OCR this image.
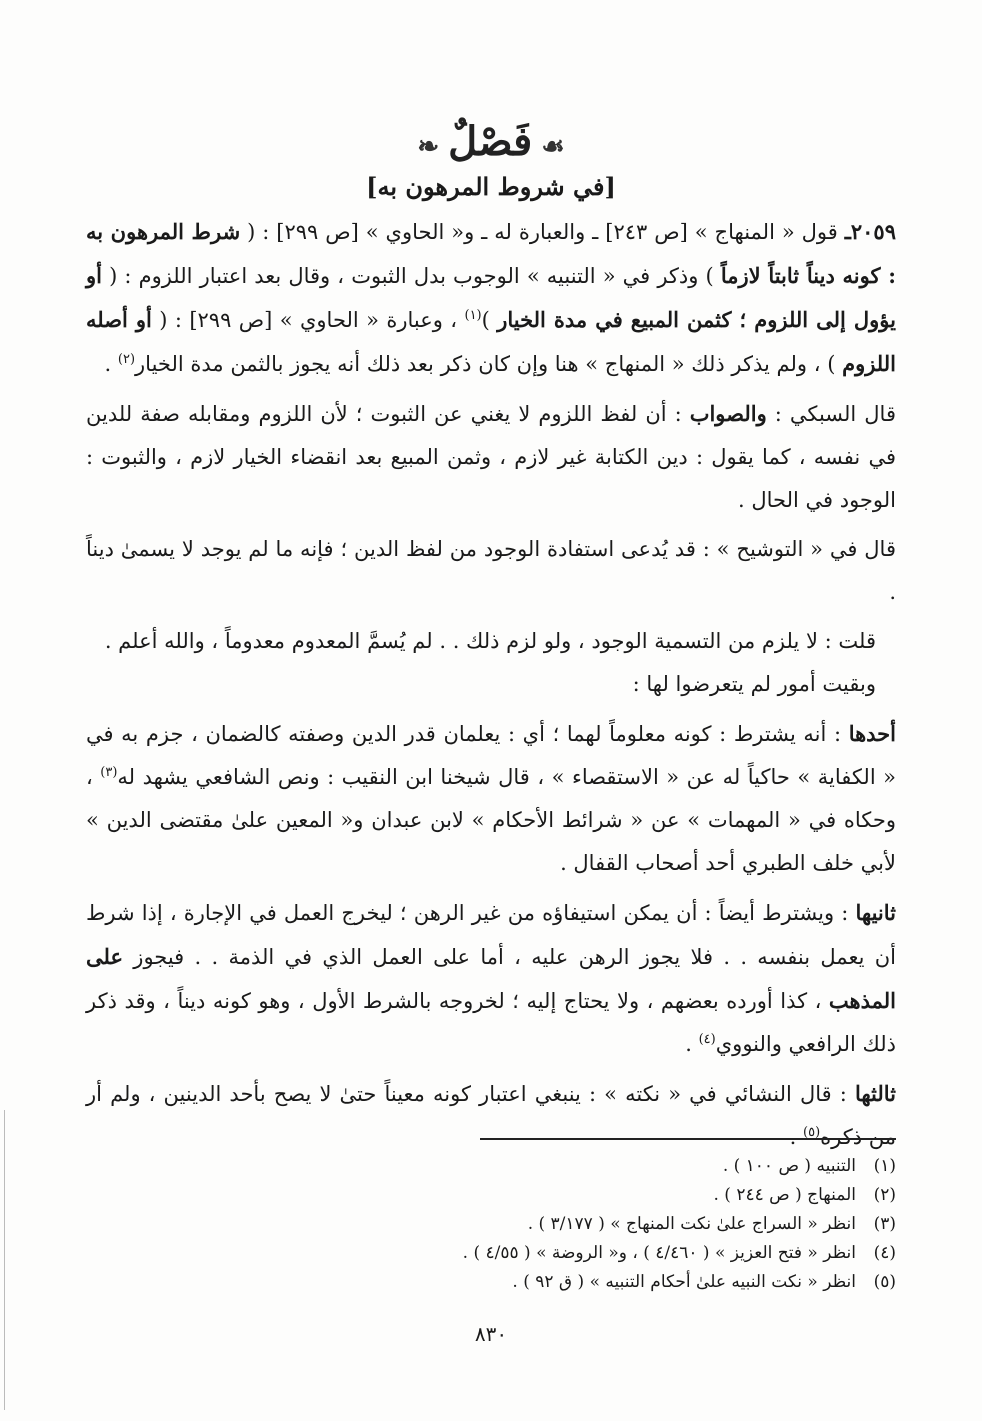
❧ فَصْلٌ ☙
[في شروط المرهون به]

٢٠٥٩ـ قول « المنهاج » [ص ٢٤٣] ـ والعبارة له ـ و« الحاوي » [ص ٢٩٩] : ( شرط المرهون به : كونه ديناً ثابتاً لازماً ) وذكر في « التنبيه » الوجوب بدل الثبوت ، وقال بعد اعتبار اللزوم : ( أو يؤول إلى اللزوم ؛ كثمن المبيع في مدة الخيار )$^{(١)}$ ، وعبارة « الحاوي » [ص ٢٩٩] : ( أو أصله اللزوم ) ، ولم يذكر ذلك « المنهاج » هنا وإن كان ذكر بعد ذلك أنه يجوز بالثمن مدة الخيار$^{(٢)}$ .

قال السبكي : والصواب : أن لفظ اللزوم لا يغني عن الثبوت ؛ لأن اللزوم ومقابله صفة للدين في نفسه ، كما يقول : دين الكتابة غير لازم ، وثمن المبيع بعد انقضاء الخيار لازم ، والثبوت : الوجود في الحال .

قال في « التوشيح » : قد يُدعى استفادة الوجود من لفظ الدين ؛ فإنه ما لم يوجد لا يسمىٰ ديناً .

قلت : لا يلزم من التسمية الوجود ، ولو لزم ذلك . . لم يُسمَّ المعدوم معدوماً ، والله أعلم .

وبقيت أمور لم يتعرضوا لها :

أحدها : أنه يشترط : كونه معلوماً لهما ؛ أي : يعلمان قدر الدين وصفته كالضمان ، جزم به في « الكفاية » حاكياً له عن « الاستقصاء » ، قال شيخنا ابن النقيب : ونص الشافعي يشهد له$^{(٣)}$ ، وحكاه في « المهمات » عن « شرائط الأحكام » لابن عبدان و« المعين علىٰ مقتضى الدين » لأبي خلف الطبري أحد أصحاب القفال .

ثانيها : ويشترط أيضاً : أن يمكن استيفاؤه من غير الرهن ؛ ليخرج العمل في الإجارة ، إذا شرط أن يعمل بنفسه . . فلا يجوز الرهن عليه ، أما على العمل الذي في الذمة . . فيجوز على المذهب ، كذا أورده بعضهم ، ولا يحتاج إليه ؛ لخروجه بالشرط الأول ، وهو كونه ديناً ، وقد ذكر ذلك الرافعي والنووي$^{(٤)}$ .

ثالثها : قال النشائي في « نكته » : ينبغي اعتبار كونه معيناً حتىٰ لا يصح بأحد الدينين ، ولم أر من ذكره$^{(٥)}$ .

(١)
التنبيه ( ص ١٠٠ ) .
(٢)
المنهاج ( ص ٢٤٤ ) .
(٣)
انظر « السراج علىٰ نكت المنهاج » ( ٣/١٧٧ ) .
(٤)
انظر « فتح العزيز » ( ٤/٤٦٠ ) ، و« الروضة » ( ٤/٥٥ ) .
(٥)
انظر « نكت النبيه علىٰ أحكام التنبيه » ( ق ٩٢ ) .
٨٣٠
